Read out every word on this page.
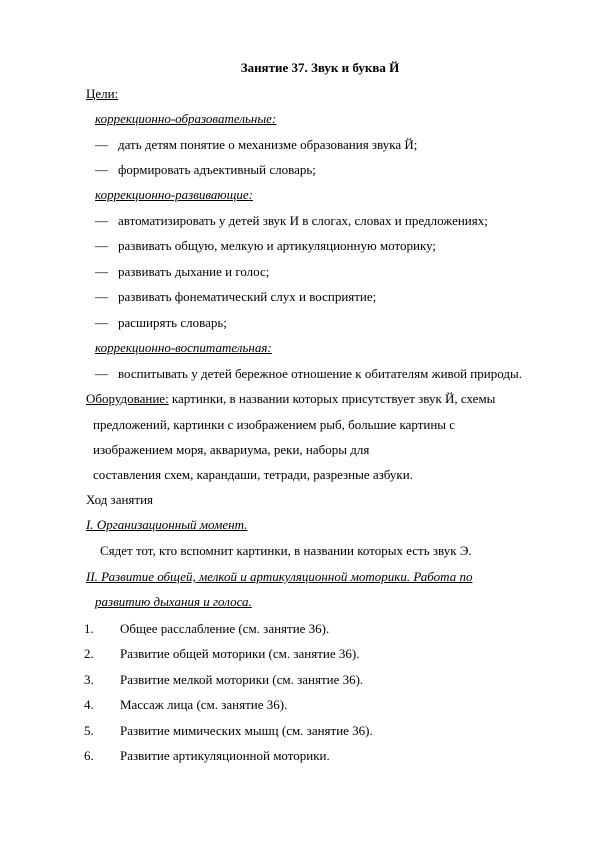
Занятие 37. Звук и буква Й
Цели:
коррекционно-образовательные:
— дать детям понятие о механизме образования звука Й;
— формировать адъективный словарь;
коррекционно-развивающие:
— автоматизировать у детей звук И в слогах, словах и предложениях;
— развивать общую, мелкую и артикуляционную моторику;
— развивать дыхание и голос;
— развивать фонематический слух и восприятие;
— расширять словарь;
коррекционно-воспитательная:
— воспитывать у детей бережное отношение к обитателям живой природы.
Оборудование: картинки, в названии которых присутствует звук Й, схемы
предложений, картинки с изображением рыб, большие картины с
изображением моря, аквариума, реки, наборы для
составления схем, карандаши, тетради, разрезные азбуки.
Ход занятия
I. Организационный момент.
Сядет тот, кто вспомнит картинки, в названии которых есть звук Э.
II. Развитие общей, мелкой и артикуляционной моторики. Работа по
развитию дыхания и голоса.
1. Общее расслабление (см. занятие 36).
2. Развитие общей моторики (см. занятие 36).
3. Развитие мелкой моторики (см. занятие 36).
4. Массаж лица (см. занятие 36).
5. Развитие мимических мышц (см. занятие 36).
6. Развитие артикуляционной моторики.
